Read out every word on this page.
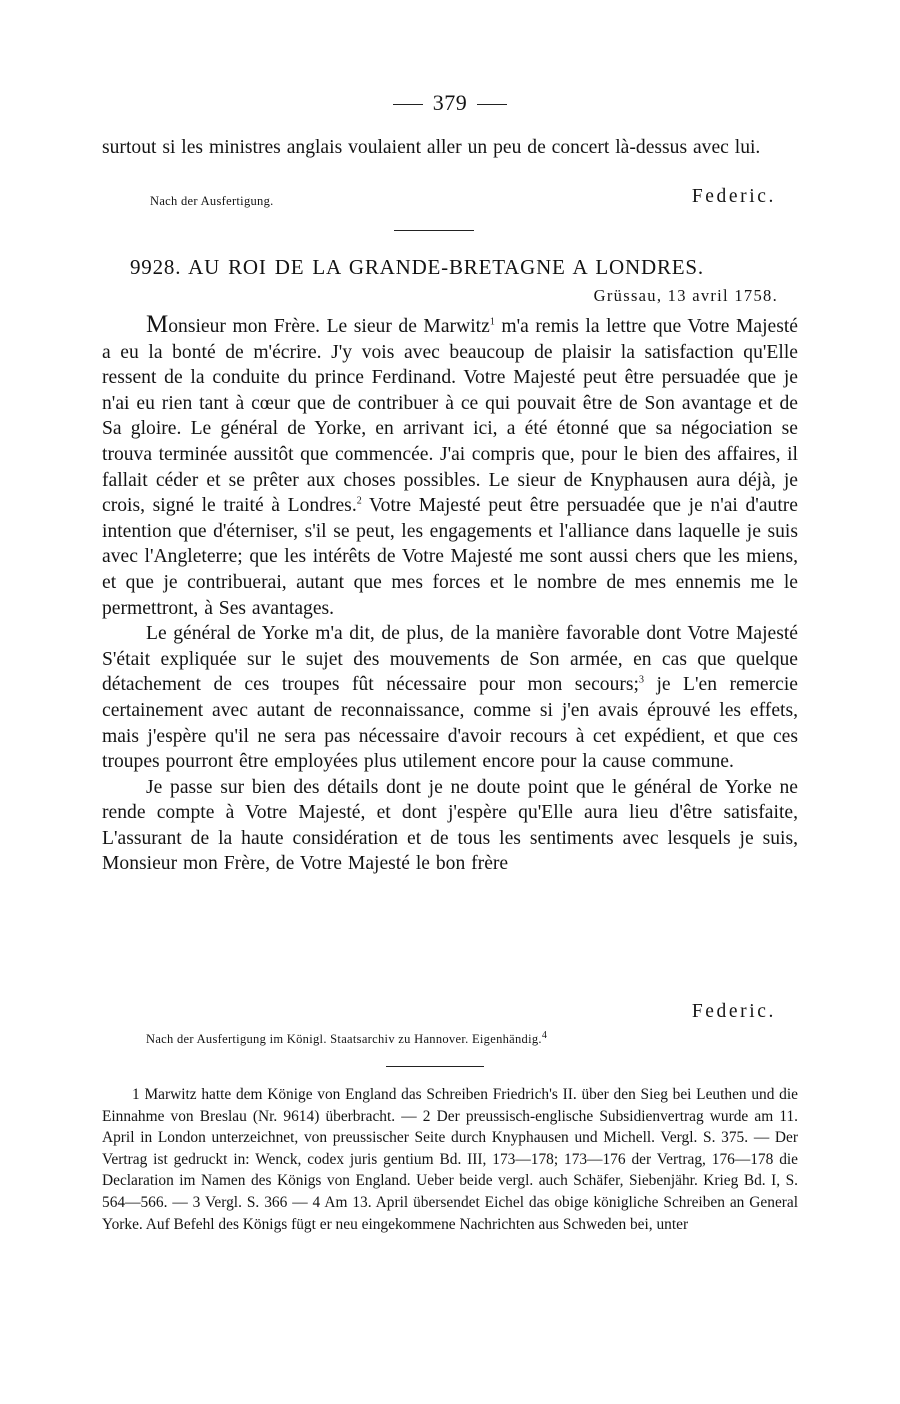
379

surtout si les ministres anglais voulaient aller un peu de concert là-dessus avec lui.

Nach der Ausfertigung.	Federic.
9928. AU ROI DE LA GRANDE-BRETAGNE A LONDRES.
Grüssau, 13 avril 1758.

Monsieur mon Frère. Le sieur de Marwitz$^1$ m'a remis la lettre que Votre Majesté a eu la bonté de m'écrire. J'y vois avec beaucoup de plaisir la satisfaction qu'Elle ressent de la conduite du prince Ferdinand. Votre Majesté peut être persuadée que je n'ai eu rien tant à cœur que de contribuer à ce qui pouvait être de Son avantage et de Sa gloire. Le général de Yorke, en arrivant ici, a été étonné que sa négociation se trouva terminée aussitôt que commencée. J'ai compris que, pour le bien des affaires, il fallait céder et se prêter aux choses possibles. Le sieur de Knyphausen aura déjà, je crois, signé le traité à Londres.$^2$ Votre Majesté peut être persuadée que je n'ai d'autre intention que d'éterniser, s'il se peut, les engagements et l'alliance dans laquelle je suis avec l'Angleterre; que les intérêts de Votre Majesté me sont aussi chers que les miens, et que je contribuerai, autant que mes forces et le nombre de mes ennemis me le permettront, à Ses avantages.

Le général de Yorke m'a dit, de plus, de la manière favorable dont Votre Majesté S'était expliquée sur le sujet des mouvements de Son armée, en cas que quelque détachement de ces troupes fût nécessaire pour mon secours;$^3$ je L'en remercie certainement avec autant de reconnaissance, comme si j'en avais éprouvé les effets, mais j'espère qu'il ne sera pas nécessaire d'avoir recours à cet expédient, et que ces troupes pourront être employées plus utilement encore pour la cause commune.

Je passe sur bien des détails dont je ne doute point que le général de Yorke ne rende compte à Votre Majesté, et dont j'espère qu'Elle aura lieu d'être satisfaite, L'assurant de la haute considération et de tous les sentiments avec lesquels je suis, Monsieur mon Frère, de Votre Majesté le bon frère

Federic.
Nach der Ausfertigung im Königl. Staatsarchiv zu Hannover. Eigenhändig.$^4$

1 Marwitz hatte dem Könige von England das Schreiben Friedrich's II. über den Sieg bei Leuthen und die Einnahme von Breslau (Nr. 9614) überbracht. — 2 Der preussisch-englische Subsidienvertrag wurde am 11. April in London unterzeichnet, von preussischer Seite durch Knyphausen und Michell. Vergl. S. 375. — Der Vertrag ist gedruckt in: Wenck, codex juris gentium Bd. III, 173—178; 173—176 der Vertrag, 176—178 die Declaration im Namen des Königs von England. Ueber beide vergl. auch Schäfer, Siebenjähr. Krieg Bd. I, S. 564—566. — 3 Vergl. S. 366 — 4 Am 13. April übersendet Eichel das obige königliche Schreiben an General Yorke. Auf Befehl des Königs fügt er neu eingekommene Nachrichten aus Schweden bei, unter
